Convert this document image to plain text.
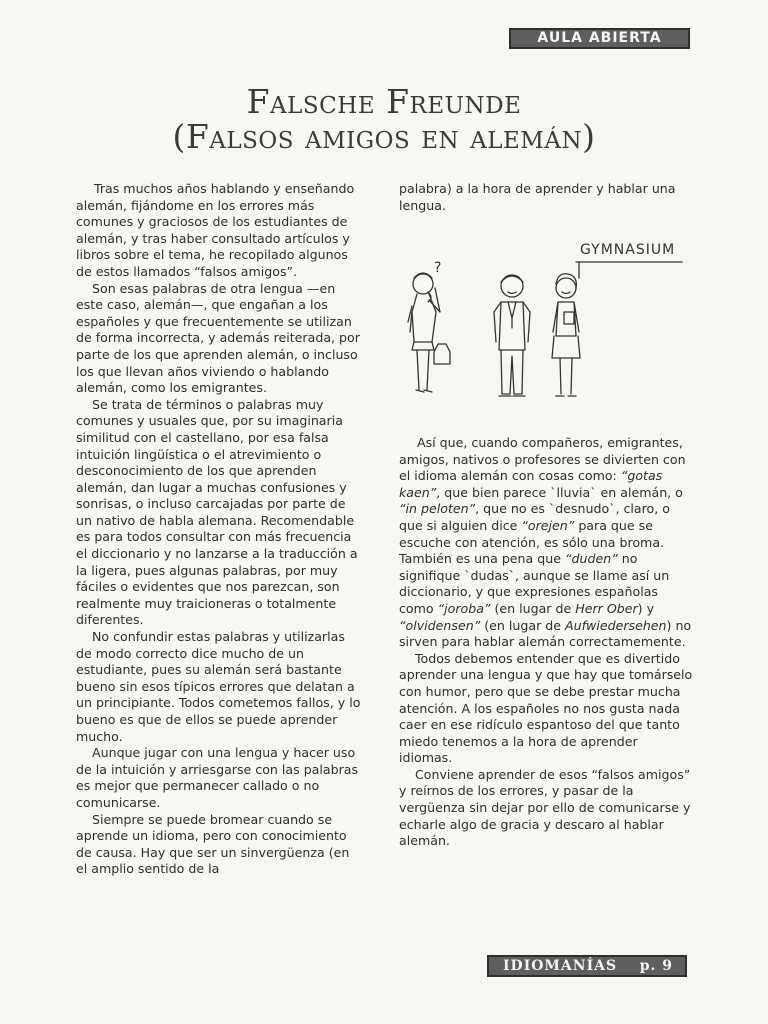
AULA ABIERTA
Falsche Freunde
(Falsos amigos en alemán)

Tras muchos años hablando y enseñando alemán, fijándome en los errores más comunes y graciosos de los estudiantes de alemán, y tras haber consultado artículos y libros sobre el tema, he recopilado algunos de estos llamados “falsos amigos”.

Son esas palabras de otra lengua —en este caso, alemán—, que engañan a los españoles y que frecuentemente se utilizan de forma incorrecta, y además reiterada, por parte de los que aprenden alemán, o incluso los que llevan años viviendo o hablando alemán, como los emigrantes.

Se trata de términos o palabras muy comunes y usuales que, por su imaginaria similitud con el castellano, por esa falsa intuición lingüística o el atrevimiento o desconocimiento de los que aprenden alemán, dan lugar a muchas confusiones y sonrisas, o incluso carcajadas por parte de un nativo de habla alemana. Recomendable es para todos consultar con más frecuencia el diccionario y no lanzarse a la traducción a la ligera, pues algunas palabras, por muy fáciles o evidentes que nos parezcan, son realmente muy traicioneras o totalmente diferentes.

No confundir estas palabras y utilizarlas de modo correcto dice mucho de un estudiante, pues su alemán será bastante bueno sin esos típicos errores que delatan a un principiante. Todos cometemos fallos, y lo bueno es que de ellos se puede aprender mucho.

Aunque jugar con una lengua y hacer uso de la intuición y arriesgarse con las palabras es mejor que permanecer callado o no comunicarse.

Siempre se puede bromear cuando se aprende un idioma, pero con conocimiento de causa. Hay que ser un sinvergüenza (en el amplio sentido de la

palabra) a la hora de aprender y hablar una lengua.

?
GYMNASIUM

Así que, cuando compañeros, emigrantes, amigos, nativos o profesores se divierten con el idioma alemán con cosas como: “gotas kaen”, que bien parece `lluvia` en alemán, o “in peloten”, que no es `desnudo`, claro, o que si alguien dice “orejen” para que se escuche con atención, es sólo una broma. También es una pena que “duden” no signifique `dudas`, aunque se llame así un diccionario, y que expresiones españolas como “joroba” (en lugar de Herr Ober) y “olvidensen” (en lugar de Aufwiedersehen) no sirven para hablar alemán correctamemente.

Todos debemos entender que es divertido aprender una lengua y que hay que tomárselo con humor, pero que se debe prestar mucha atención. A los españoles no nos gusta nada caer en ese ridículo espantoso del que tanto miedo tenemos a la hora de aprender idiomas.

Conviene aprender de esos “falsos amigos” y reírnos de los errores, y pasar de la vergüenza sin dejar por ello de comunicarse y echarle algo de gracia y descaro al hablar alemán.

IDIOMANÍAS p. 9
